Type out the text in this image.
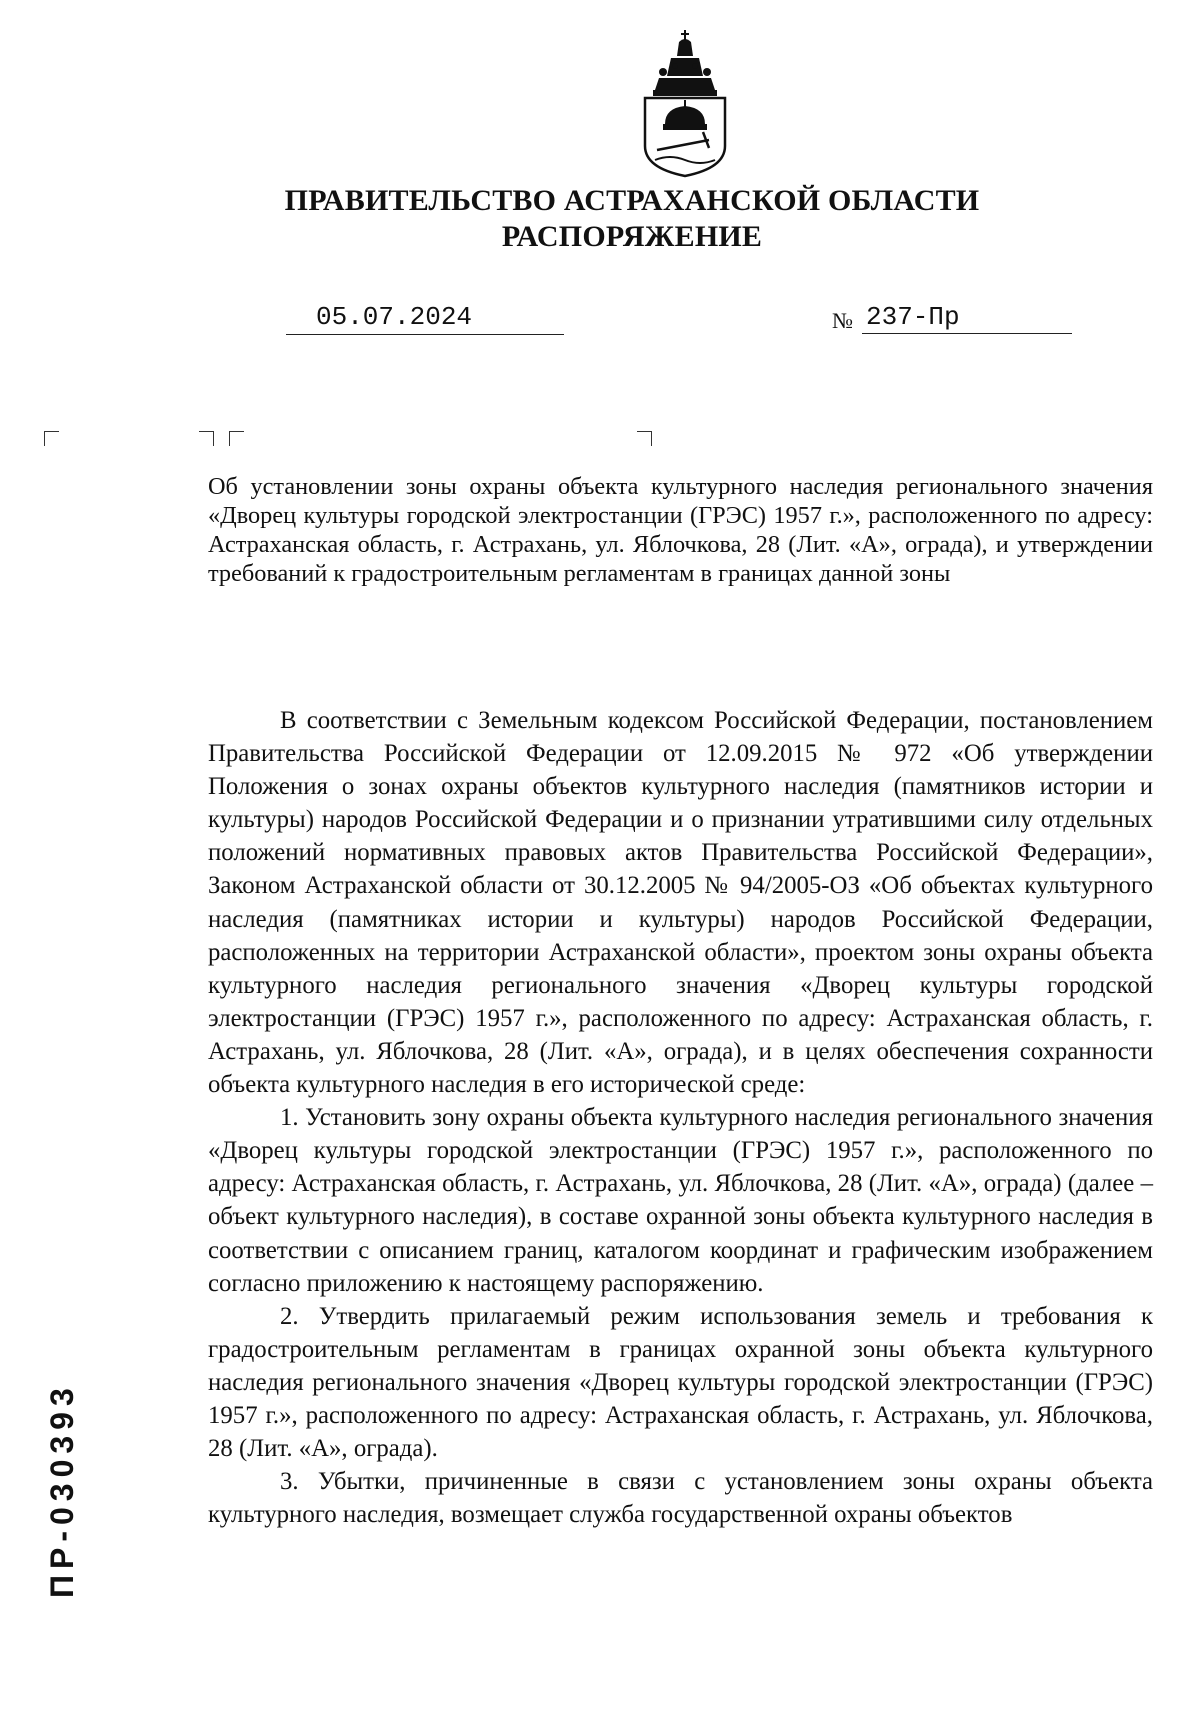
ПРАВИТЕЛЬСТВО АСТРАХАНСКОЙ ОБЛАСТИ
РАСПОРЯЖЕНИЕ
05.07.2024	№ 237-Пр
Об установлении зоны охраны объекта культурного наследия регионального значения «Дворец культуры городской электростанции (ГРЭС) 1957 г.», расположенного по адресу: Астраханская область, г. Астрахань, ул. Яблочкова, 28 (Лит. «А», ограда), и утверждении требований к градостроительным регламентам в границах данной зоны

В соответствии с Земельным кодексом Российской Федерации, постановлением Правительства Российской Федерации от 12.09.2015 № 972 «Об утверждении Положения о зонах охраны объектов культурного наследия (памятников истории и культуры) народов Российской Федерации и о признании утратившими силу отдельных положений нормативных правовых актов Правительства Российской Федерации», Законом Астраханской области от 30.12.2005 № 94/2005-ОЗ «Об объектах культурного наследия (памятниках истории и культуры) народов Российской Федерации, расположенных на территории Астраханской области», проектом зоны охраны объекта культурного наследия регионального значения «Дворец культуры городской электростанции (ГРЭС) 1957 г.», расположенного по адресу: Астраханская область, г. Астрахань, ул. Яблочкова, 28 (Лит. «А», ограда), и в целях обеспечения сохранности объекта культурного наследия в его исторической среде:

1. Установить зону охраны объекта культурного наследия регионального значения «Дворец культуры городской электростанции (ГРЭС) 1957 г.», расположенного по адресу: Астраханская область, г. Астрахань, ул. Яблочкова, 28 (Лит. «А», ограда) (далее – объект культурного наследия), в составе охранной зоны объекта культурного наследия в соответствии с описанием границ, каталогом координат и графическим изображением согласно приложению к настоящему распоряжению.

2. Утвердить прилагаемый режим использования земель и требования к градостроительным регламентам в границах охранной зоны объекта культурного наследия регионального значения «Дворец культуры городской электростанции (ГРЭС) 1957 г.», расположенного по адресу: Астраханская область, г. Астрахань, ул. Яблочкова, 28 (Лит. «А», ограда).

3. Убытки, причиненные в связи с установлением зоны охраны объекта культурного наследия, возмещает служба государственной охраны объектов

ПР-030393
